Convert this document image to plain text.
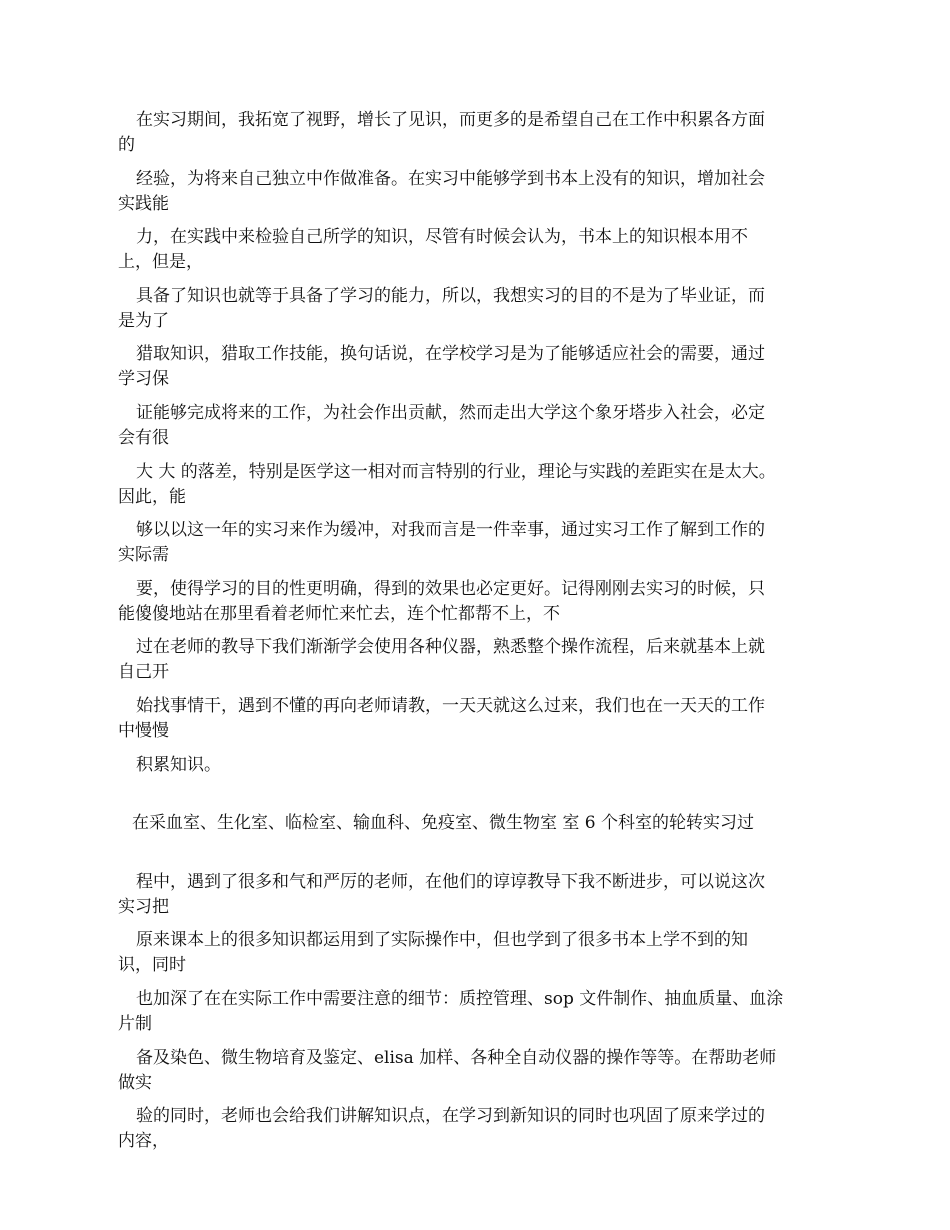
在实习期间，我拓宽了视野，增长了见识，而更多的是希望自己在工作中积累各方面
的

经验，为将来自己独立中作做准备。在实习中能够学到书本上没有的知识，增加社会
实践能

力，在实践中来检验自己所学的知识，尽管有时候会认为，书本上的知识根本用不
上，但是，

具备了知识也就等于具备了学习的能力，所以，我想实习的目的不是为了毕业证，而
是为了

猎取知识，猎取工作技能，换句话说，在学校学习是为了能够适应社会的需要，通过
学习保

证能够完成将来的工作，为社会作出贡献，然而走出大学这个象牙塔步入社会，必定
会有很

大 大 的落差，特别是医学这一相对而言特别的行业，理论与实践的差距实在是太大。
因此，能

够以以这一年的实习来作为缓冲，对我而言是一件幸事，通过实习工作了解到工作的
实际需

要，使得学习的目的性更明确，得到的效果也必定更好。记得刚刚去实习的时候，只
能傻傻地站在那里看着老师忙来忙去，连个忙都帮不上，不

过在老师的教导下我们渐渐学会使用各种仪器，熟悉整个操作流程，后来就基本上就
自己开

始找事情干，遇到不懂的再向老师请教，一天天就这么过来，我们也在一天天的工作
中慢慢

积累知识。

在采血室、生化室、临检室、输血科、免疫室、微生物室 室 6 个科室的轮转实习过

程中，遇到了很多和气和严厉的老师，在他们的谆谆教导下我不断进步，可以说这次
实习把

原来课本上的很多知识都运用到了实际操作中，但也学到了很多书本上学不到的知
识，同时

也加深了在在实际工作中需要注意的细节：质控管理、sop 文件制作、抽血质量、血涂
片制

备及染色、微生物培育及鉴定、elisa 加样、各种全自动仪器的操作等等。在帮助老师
做实

验的同时，老师也会给我们讲解知识点，在学习到新知识的同时也巩固了原来学过的
内容，
